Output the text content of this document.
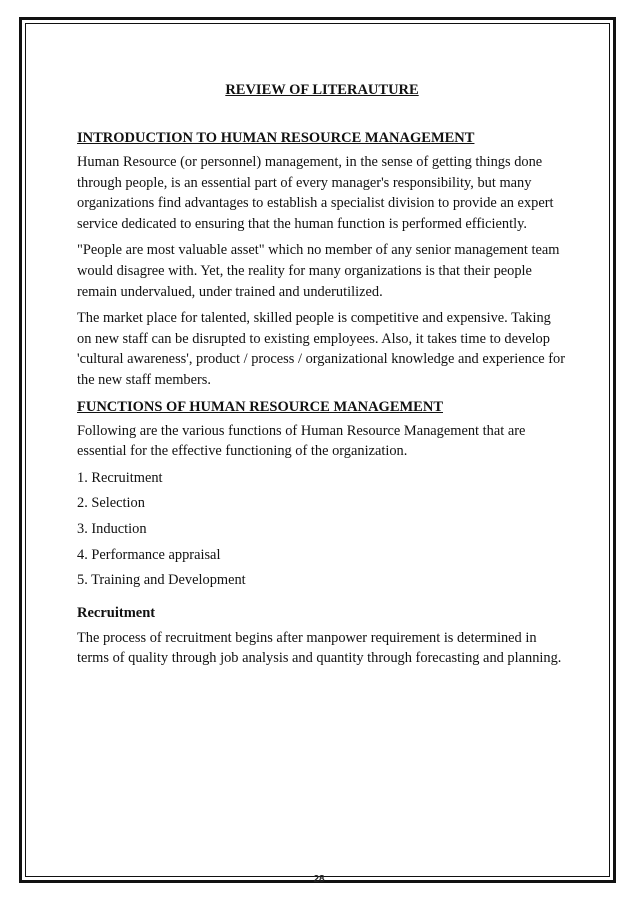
REVIEW OF LITERAUTURE
INTRODUCTION TO HUMAN RESOURCE MANAGEMENT

Human Resource (or personnel) management, in the sense of getting things done through people, is an essential part of every manager's responsibility, but many organizations find advantages to establish a specialist division to provide an expert service dedicated to ensuring that the human function is performed efficiently.

"People are most valuable asset" which no member of any senior management team would disagree with. Yet, the reality for many organizations is that their people remain undervalued, under trained and underutilized.

The market place for talented, skilled people is competitive and expensive. Taking on new staff can be disrupted to existing employees. Also, it takes time to develop 'cultural awareness', product / process / organizational knowledge and experience for the new staff members.

FUNCTIONS OF HUMAN RESOURCE MANAGEMENT

Following are the various functions of Human Resource Management that are essential for the effective functioning of the organization.

1. Recruitment
2. Selection
3. Induction
4. Performance appraisal
5. Training and Development
Recruitment

The process of recruitment begins after manpower requirement is determined in terms of quality through job analysis and quantity through forecasting and planning.

28
